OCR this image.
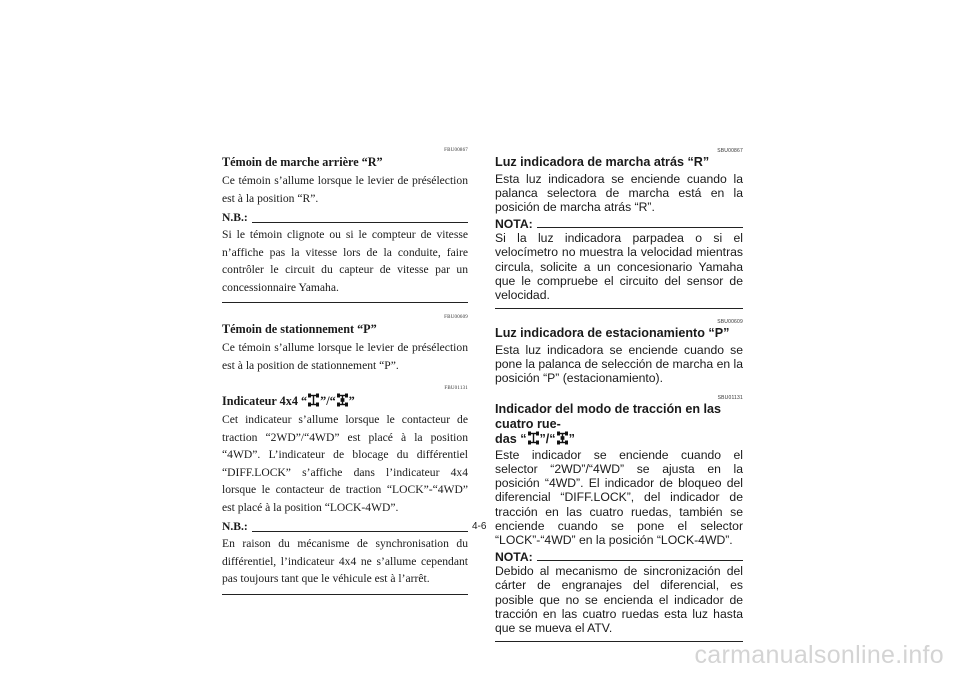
FBU00867
Témoin de marche arrière “R”

Ce témoin s’allume lorsque le levier de présélection est à la position “R”.

N.B.:

Si le témoin clignote ou si le compteur de vitesse n’affiche pas la vitesse lors de la conduite, faire contrôler le circuit du capteur de vitesse par un concessionnaire Yamaha.

FBU00609
Témoin de stationnement “P”

Ce témoin s’allume lorsque le levier de présélection est à la position de stationnement “P”.

FBU01131
Indicateur 4x4 “ ”/“ ”

Cet indicateur s’allume lorsque le contacteur de traction “2WD”/“4WD” est placé à la position “4WD”. L’indicateur de blocage du différentiel “DIFF.LOCK” s’affiche dans l’indicateur 4x4 lorsque le contacteur de traction “LOCK”-“4WD” est placé à la position “LOCK-4WD”.

N.B.:

En raison du mécanisme de synchronisation du différentiel, l’indicateur 4x4 ne s’allume cependant pas toujours tant que le véhicule est à l’arrêt.

SBU00867
Luz indicadora de marcha atrás “R”

Esta luz indicadora se enciende cuando la palanca selectora de marcha está en la posición de marcha atrás “R”.

NOTA:

Si la luz indicadora parpadea o si el velocímetro no muestra la velocidad mientras circula, solicite a un concesionario Yamaha que le compruebe el circuito del sensor de velocidad.

SBU00609
Luz indicadora de estacionamiento “P”

Esta luz indicadora se enciende cuando se pone la palanca de selección de marcha en la posición “P” (estacionamiento).

SBU01131
Indicador del modo de tracción en las cuatro rue-
das “ ”/“ ”

Este indicador se enciende cuando el selector “2WD”/“4WD” se ajusta en la posición “4WD”. El indicador de bloqueo del diferencial “DIFF.LOCK”, del indicador de tracción en las cuatro ruedas, también se enciende cuando se pone el selector “LOCK”-“4WD” en la posición “LOCK-4WD”.

NOTA:

Debido al mecanismo de sincronización del cárter de engranajes del diferencial, es posible que no se encienda el indicador de tracción en las cuatro ruedas esta luz hasta que se mueva el ATV.

4-6
carmanualsonline.info
